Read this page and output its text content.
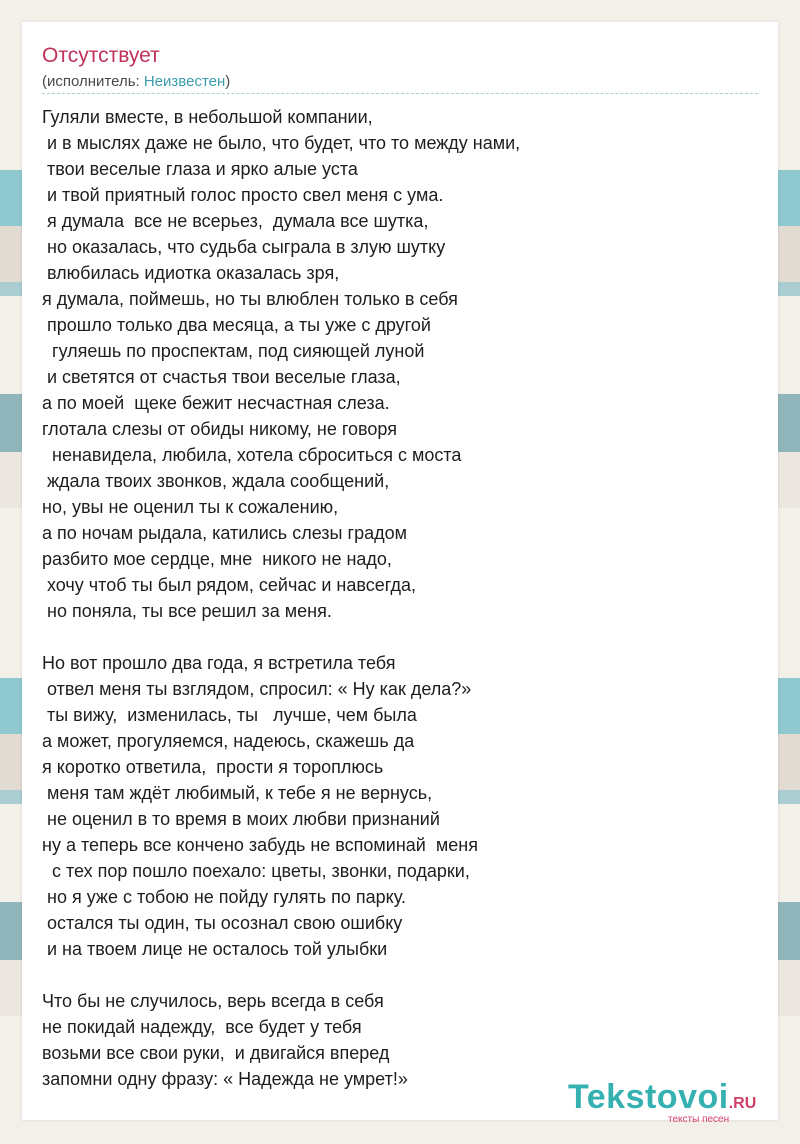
Отсутствует
(исполнитель: Неизвестен)
Гуляли вместе, в небольшой компании,
и в мыслях даже не было, что будет, что то между нами,
твои веселые глаза и ярко алые уста
и твой приятный голос просто свел меня с ума.
я думала  все не всерьез,  думала все шутка,
но оказалась, что судьба сыграла в злую шутку
влюбилась идиотка оказалась зря,
я думала, поймешь, но ты влюблен только в себя
прошло только два месяца, а ты уже с другой
гуляешь по проспектам, под сияющей луной
и светятся от счастья твои веселые глаза,
а по моей  щеке бежит несчастная слеза.
глотала слезы от обиды никому, не говоря
ненавидела, любила, хотела сброситься с моста
ждала твоих звонков, ждала сообщений,
но, увы не оценил ты к сожалению,
а по ночам рыдала, катились слезы градом
разбито мое сердце, мне  никого не надо,
хочу чтоб ты был рядом, сейчас и навсегда,
но поняла, ты все решил за меня.
Но вот прошло два года, я встретила тебя
отвел меня ты взглядом, спросил: « Ну как дела?»
ты вижу,  изменилась, ты   лучше, чем была
а может, прогуляемся, надеюсь, скажешь да
я коротко ответила,  прости я тороплюсь
меня там ждёт любимый, к тебе я не вернусь,
не оценил в то время в моих любви признаний
ну а теперь все кончено забудь не вспоминай  меня
с тех пор пошло поехало: цветы, звонки, подарки,
но я уже с тобою не пойду гулять по парку.
остался ты один, ты осознал свою ошибку
и на твоем лице не осталось той улыбки
Что бы не случилось, верь всегда в себя
не покидай надежду,  все будет у тебя
возьми все свои руки,  и двигайся вперед
запомни одну фразу: « Надежда не умрет!»	Tekstovoi.RU
тексты песен
